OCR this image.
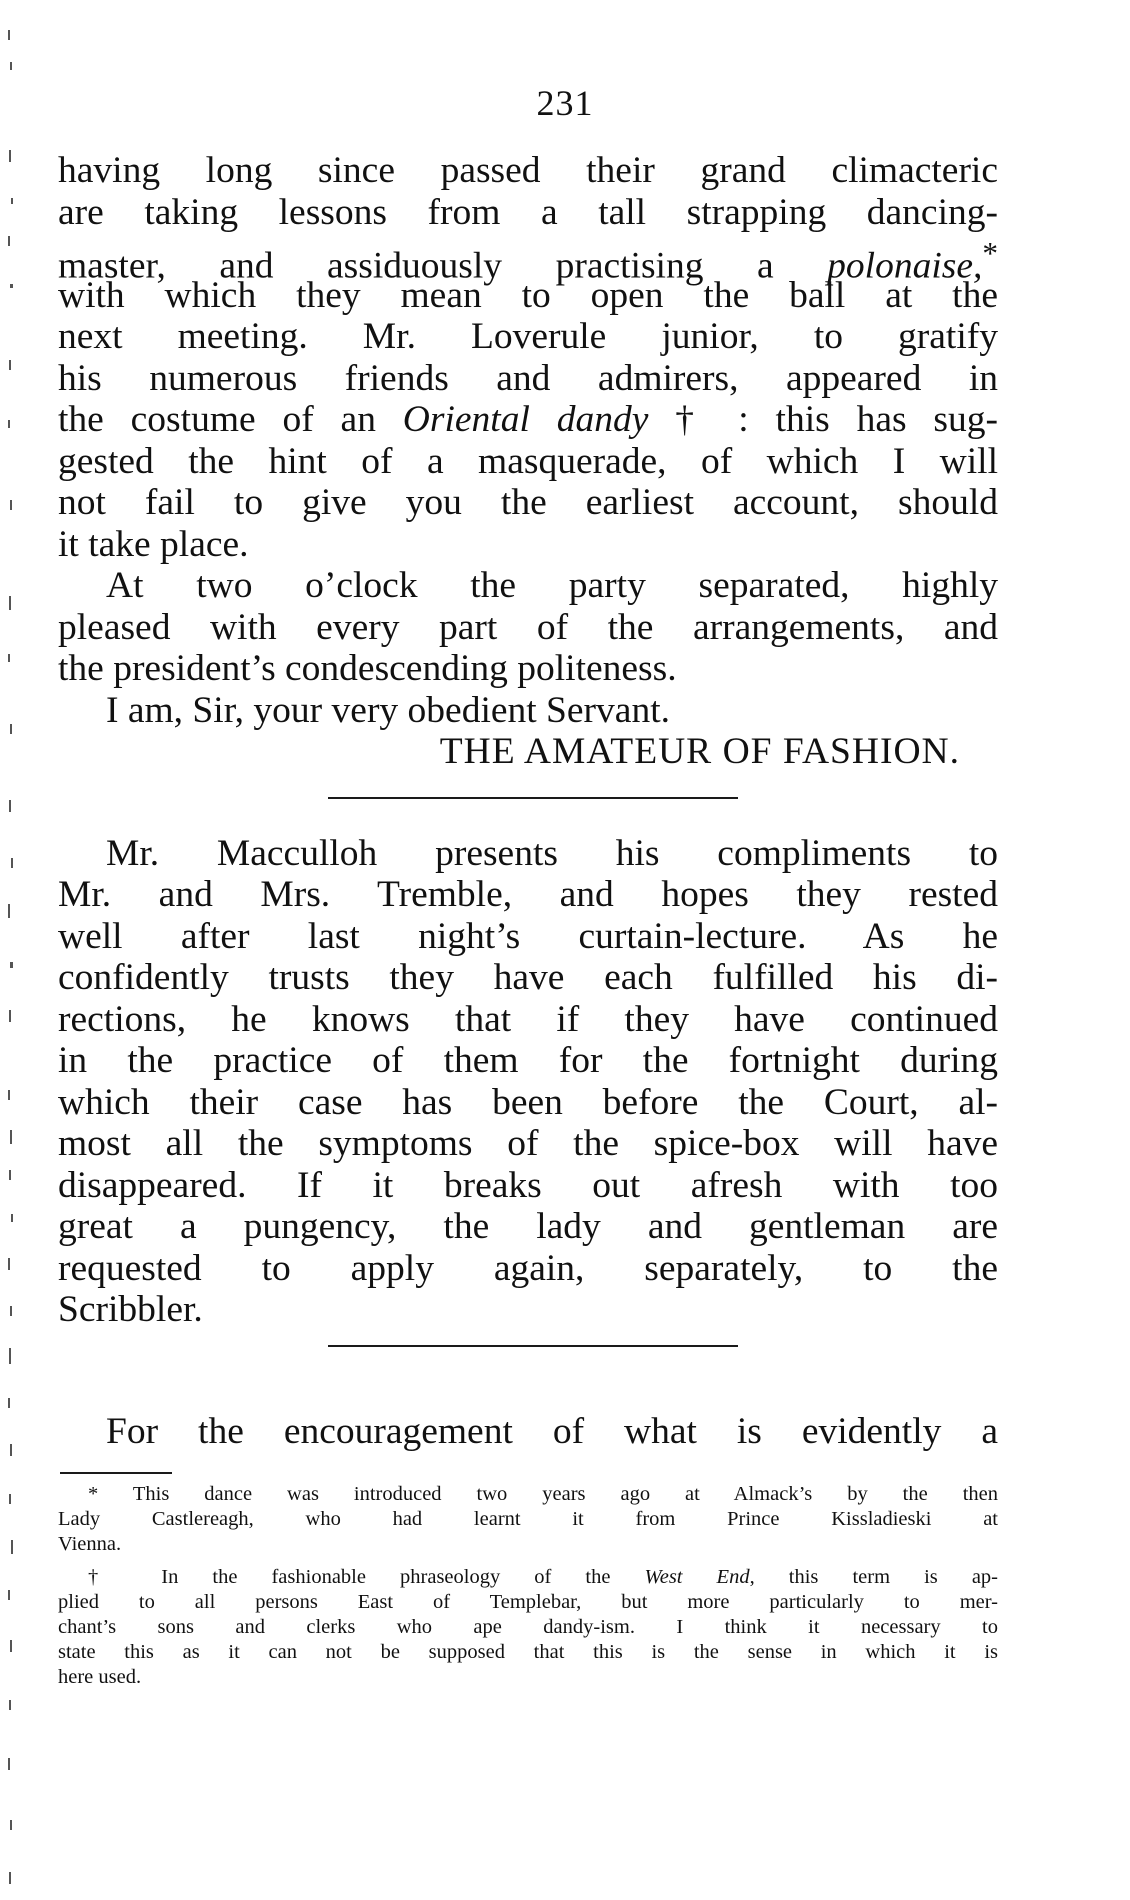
231
having long since passed their grand climacteric
are taking lessons from a tall strapping dancing-
master, and assiduously practising a polonaise,*
with which they mean to open the ball at the
next meeting. Mr. Loverule junior, to gratify
his numerous friends and admirers, appeared in
the costume of an Oriental dandy † : this has sug-
gested the hint of a masquerade, of which I will
not fail to give you the earliest account, should
it take place.
At two o’clock the party separated, highly
pleased with every part of the arrangements, and
the president’s condescending politeness.
I am, Sir, your very obedient Servant.
THE AMATEUR OF FASHION.
Mr. Macculloh presents his compliments to
Mr. and Mrs. Tremble, and hopes they rested
well after last night’s curtain-lecture. As he
confidently trusts they have each fulfilled his di-
rections, he knows that if they have continued
in the practice of them for the fortnight during
which their case has been before the Court, al-
most all the symptoms of the spice-box will have
disappeared. If it breaks out afresh with too
great a pungency, the lady and gentleman are
requested to apply again, separately, to the
Scribbler.
For the encouragement of what is evidently a
* This dance was introduced two years ago at Almack’s by the then
Lady Castlereagh, who had learnt it from Prince Kissladieski at
Vienna.
† In the fashionable phraseology of the West End, this term is ap-
plied to all persons East of Templebar, but more particularly to mer-
chant’s sons and clerks who ape dandy-ism. I think it necessary to
state this as it can not be supposed that this is the sense in which it is
here used.
